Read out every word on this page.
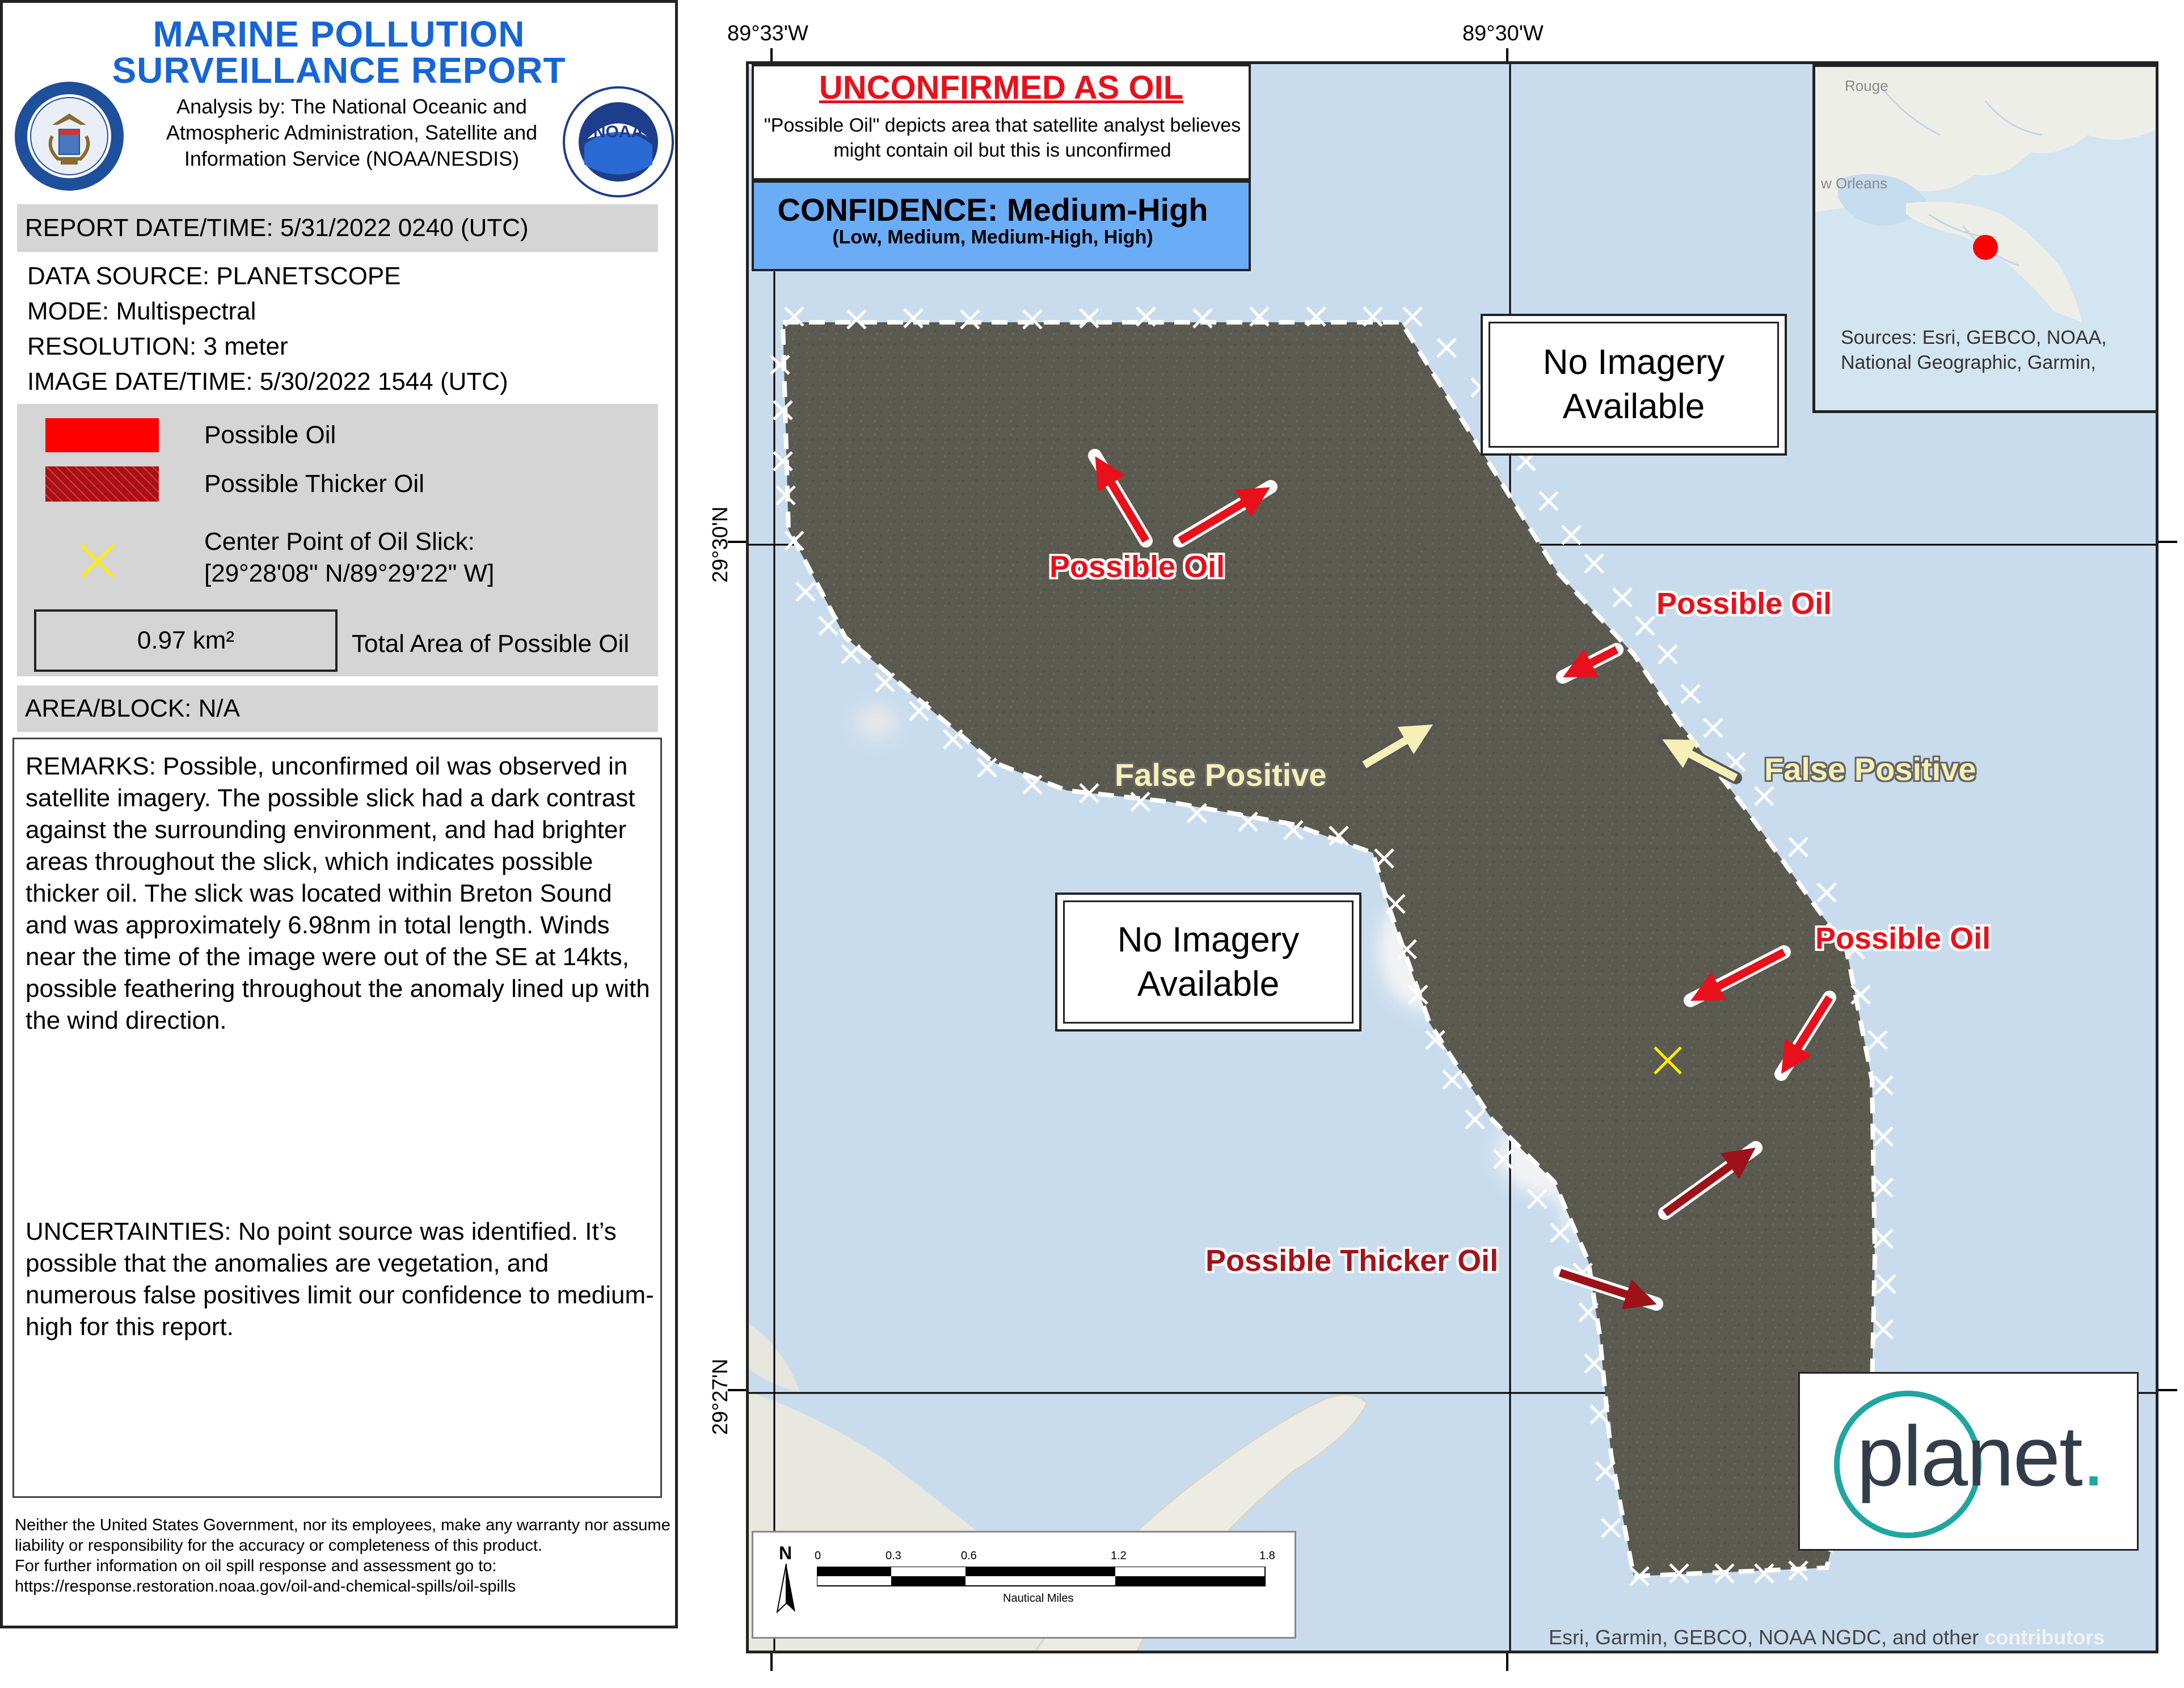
MARINE POLLUTION
SURVEILLANCE REPORT
Analysis by: The National Oceanic and Atmospheric Administration, Satellite and Information Service (NOAA/NESDIS)
NOAA
REPORT DATE/TIME: 5/31/2022 0240 (UTC)
DATA SOURCE: PLANETSCOPE
MODE: Multispectral
RESOLUTION: 3 meter
IMAGE DATE/TIME: 5/30/2022 1544 (UTC)
Possible Oil
Possible Thicker Oil
Center Point of Oil Slick:
[29°28'08" N/89°29'22" W]
0.97 km²	Total Area of Possible Oil
AREA/BLOCK: N/A
REMARKS: Possible, unconfirmed oil was observed in satellite imagery. The possible slick had a dark contrast against the surrounding environment, and had brighter areas throughout the slick, which indicates possible thicker oil. The slick was located within Breton Sound and was approximately 6.98nm in total length. Winds near the time of the image were out of the SE at 14kts, possible feathering throughout the anomaly lined up with the wind direction.
UNCERTAINTIES: No point source was identified. It’s possible that the anomalies are vegetation, and numerous false positives limit our confidence to medium-high for this report.
Neither the United States Government, nor its employees, make any warranty nor assume liability or responsibility for the accuracy or completeness of this product.
For further information on oil spill response and assessment go to:
https://response.restoration.noaa.gov/oil-and-chemical-spills/oil-spills
89°33'W	89°30'W
29°30'N
29°27'N
UNCONFIRMED AS OIL
"Possible Oil" depicts area that satellite analyst believes might contain oil but this is unconfirmed
CONFIDENCE: Medium-High
(Low, Medium, Medium-High, High)
No Imagery
Available
No Imagery
Available
Rouge
w Orleans
Sources: Esri, GEBCO, NOAA, National Geographic, Garmin,
Possible Oil
Possible Oil
Possible Oil
False Positive	False Positive
Possible Thicker Oil
planet.
N 0	0.3	0.6	1.2	1.8
Nautical Miles
Esri, Garmin, GEBCO, NOAA NGDC, and other contributors
